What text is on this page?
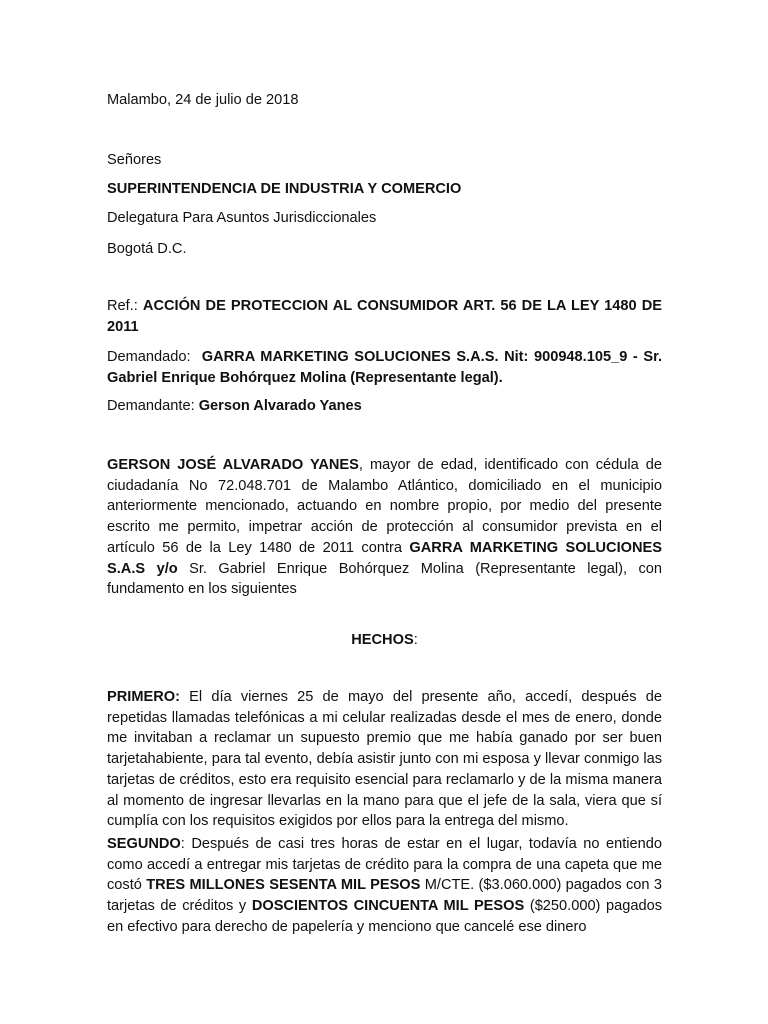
Malambo, 24 de julio de 2018
Señores
SUPERINTENDENCIA DE INDUSTRIA Y COMERCIO
Delegatura Para Asuntos Jurisdiccionales
Bogotá D.C.
Ref.: ACCIÓN DE PROTECCION AL CONSUMIDOR ART. 56 DE LA LEY 1480 DE 2011
Demandado: GARRA MARKETING SOLUCIONES S.A.S. Nit: 900948.105_9 - Sr. Gabriel Enrique Bohórquez Molina (Representante legal).
Demandante: Gerson Alvarado Yanes
GERSON JOSÉ ALVARADO YANES, mayor de edad, identificado con cédula de ciudadanía No 72.048.701 de Malambo Atlántico, domiciliado en el municipio anteriormente mencionado, actuando en nombre propio, por medio del presente escrito me permito, impetrar acción de protección al consumidor prevista en el artículo 56 de la Ley 1480 de 2011 contra GARRA MARKETING SOLUCIONES S.A.S y/o Sr. Gabriel Enrique Bohórquez Molina (Representante legal), con fundamento en los siguientes
HECHOS:
PRIMERO: El día viernes 25 de mayo del presente año, accedí, después de repetidas llamadas telefónicas a mi celular realizadas desde el mes de enero, donde me invitaban a reclamar un supuesto premio que me había ganado por ser buen tarjetahabiente, para tal evento, debía asistir junto con mi esposa y llevar conmigo las tarjetas de créditos, esto era requisito esencial para reclamarlo y de la misma manera al momento de ingresar llevarlas en la mano para que el jefe de la sala, viera que sí cumplía con los requisitos exigidos por ellos para la entrega del mismo.
SEGUNDO: Después de casi tres horas de estar en el lugar, todavía no entiendo como accedí a entregar mis tarjetas de crédito para la compra de una capeta que me costó TRES MILLONES SESENTA MIL PESOS M/CTE. ($3.060.000) pagados con 3 tarjetas de créditos y DOSCIENTOS CINCUENTA MIL PESOS ($250.000) pagados en efectivo para derecho de papelería y menciono que cancelé ese dinero
